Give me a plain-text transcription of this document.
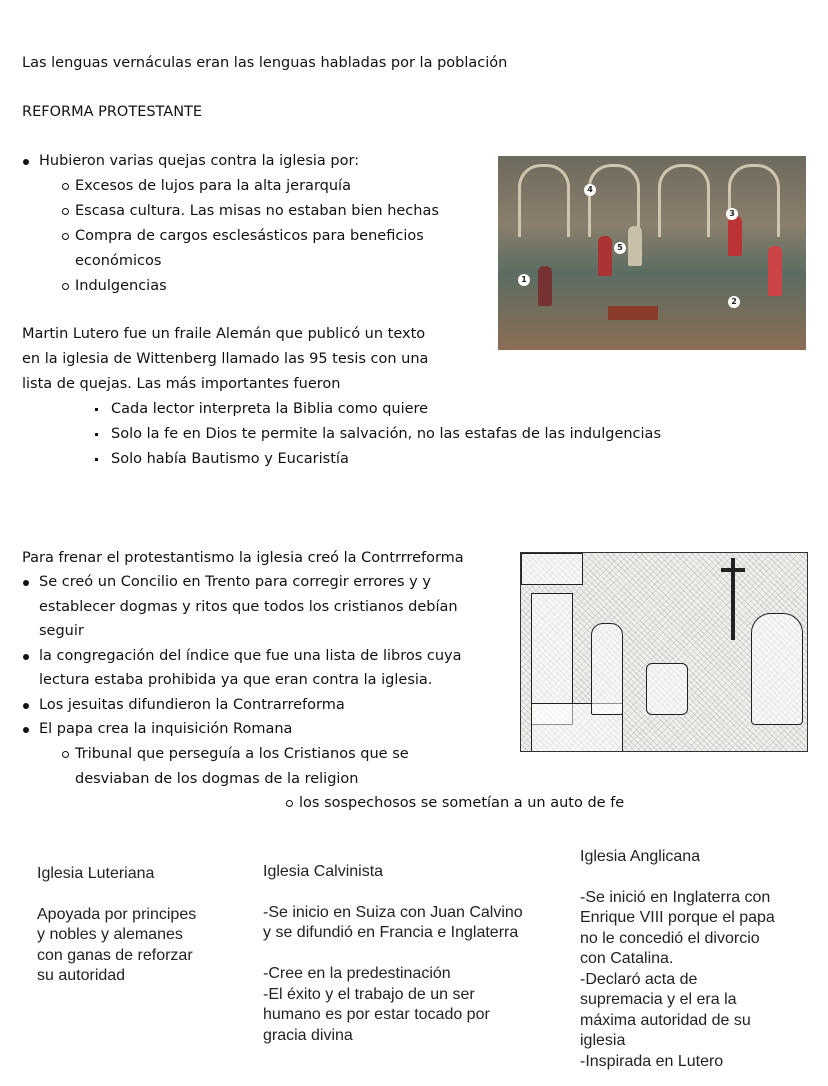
Las lenguas vernáculas eran las lenguas habladas por la población
REFORMA PROTESTANTE
Hubieron varias quejas contra la iglesia por:
Excesos de lujos para la alta jerarquía
Escasa cultura. Las misas no estaban bien hechas
Compra de cargos esclesásticos para beneficios
económicos
Indulgencias
4
3
5
1
2
Martin Lutero fue un fraile Alemán que publicó un texto
en la iglesia de Wittenberg llamado las 95 tesis con una
lista de quejas. Las más importantes fueron
Cada lector interpreta la Biblia como quiere
Solo la fe en Dios te permite la salvación, no las estafas de las indulgencias
Solo había Bautismo y Eucaristía
Para frenar el protestantismo la iglesia creó la Contrrreforma
Se creó un Concilio en Trento para corregir errores y y
establecer dogmas y ritos que todos los cristianos debían
seguir
la congregación del índice que fue una lista de libros cuya
lectura estaba prohibida ya que eran contra la iglesia.
Los jesuitas difundieron la Contrarreforma
El papa crea la inquisición Romana
Tribunal que perseguía a los Cristianos que se
desviaban de los dogmas de la religion
los sospechosos se sometían a un auto de fe
Iglesia Luteriana
Apoyada por principes
y nobles y alemanes
con ganas de reforzar
su autoridad
Iglesia Calvinista
-Se inicio en Suiza con Juan Calvino
y se difundió en Francia e Inglaterra
-Cree en la predestinación
-El éxito y el trabajo de un ser
humano es por estar tocado por
gracia divina
Iglesia Anglicana
-Se inició en Inglaterra con
Enrique VIII porque el papa
no le concedió el divorcio
con Catalina.
-Declaró acta de
supremacia y el era la
máxima autoridad de su
iglesia
-Inspirada en Lutero
